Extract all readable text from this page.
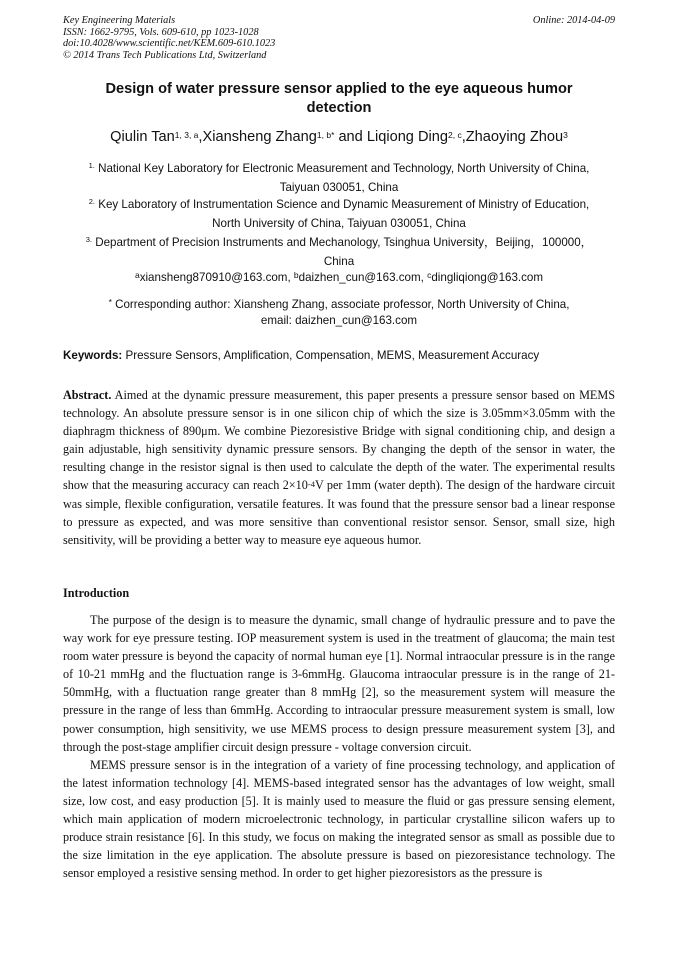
Key Engineering Materials
ISSN: 1662-9795, Vols. 609-610, pp 1023-1028
doi:10.4028/www.scientific.net/KEM.609-610.1023
© 2014 Trans Tech Publications Ltd, Switzerland
Online: 2014-04-09
Design of water pressure sensor applied to the eye aqueous humor
detection
Qiulin Tan$^{1, 3, a}$,Xiansheng Zhang$^{1, b*}$ and Liqiong Ding$^{2, c}$,Zhaoying Zhou$^3$
$^{1.}$ National Key Laboratory for Electronic Measurement and Technology, North University of China,
Taiyuan 030051, China
$^{2.}$ Key Laboratory of Instrumentation Science and Dynamic Measurement of Ministry of Education,
North University of China, Taiyuan 030051, China
$^{3.}$ Department of Precision Instruments and Mechanology, Tsinghua University，Beijing，100000，
China
$^a$xiansheng870910@163.com, $^b$daizhen_cun@163.com, $^c$dingliqiong@163.com
* Corresponding author: Xiansheng Zhang, associate professor, North University of China,
email: daizhen_cun@163.com
Keywords: Pressure Sensors, Amplification, Compensation, MEMS, Measurement Accuracy

Abstract. Aimed at the dynamic pressure measurement, this paper presents a pressure sensor based on MEMS technology. An absolute pressure sensor is in one silicon chip of which the size is 3.05mm×3.05mm with the diaphragm thickness of 890μm. We combine Piezoresistive Bridge with signal conditioning chip, and design a gain adjustable, high sensitivity dynamic pressure sensors. By changing the depth of the sensor in water, the resulting change in the resistor signal is then used to calculate the depth of the water. The experimental results show that the measuring accuracy can reach $2\times 10^{-4}V$ per 1mm (water depth). The design of the hardware circuit was simple, flexible configuration, versatile features. It was found that the pressure sensor bad a linear response to pressure as expected, and was more sensitive than conventional resistor sensor. Sensor, small size, high sensitivity, will be providing a better way to measure eye aqueous humor.

Introduction

The purpose of the design is to measure the dynamic, small change of hydraulic pressure and to pave the way work for eye pressure testing. IOP measurement system is used in the treatment of glaucoma; the main test room water pressure is beyond the capacity of normal human eye [1]. Normal intraocular pressure is in the range of 10-21 mmHg and the fluctuation range is 3-6mmHg. Glaucoma intraocular pressure is in the range of 21-50mmHg, with a fluctuation range greater than 8 mmHg [2], so the measurement system will measure the pressure in the range of less than 6mmHg. According to intraocular pressure measurement system is small, low power consumption, high sensitivity, we use MEMS process to design pressure measurement system [3], and through the post-stage amplifier circuit design pressure - voltage conversion circuit.

MEMS pressure sensor is in the integration of a variety of fine processing technology, and application of the latest information technology [4]. MEMS-based integrated sensor has the advantages of low weight, small size, low cost, and easy production [5]. It is mainly used to measure the fluid or gas pressure sensing element, which main application of modern microelectronic technology, in particular crystalline silicon wafers up to produce strain resistance [6]. In this study, we focus on making the integrated sensor as small as possible due to the size limitation in the eye application. The absolute pressure is based on piezoresistance technology. The sensor employed a resistive sensing method. In order to get higher piezoresistors as the pressure is
